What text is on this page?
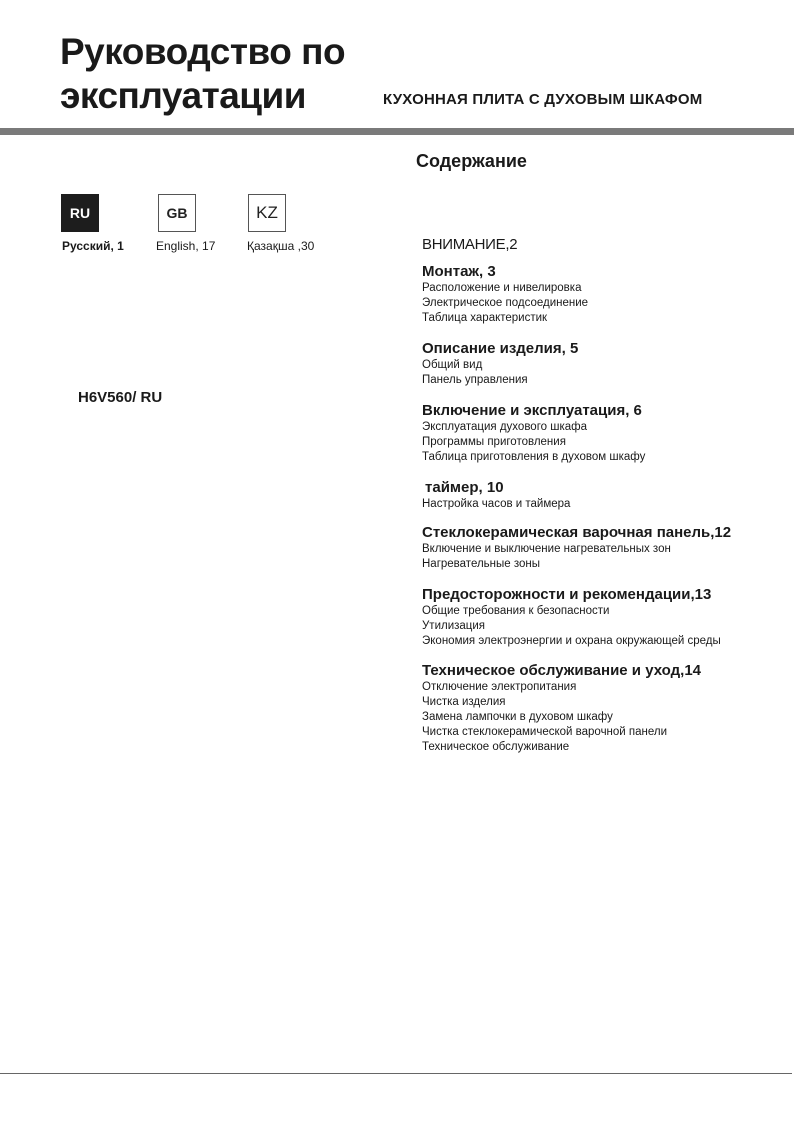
Руководство по
эксплуатации	КУХОННАЯ ПЛИТА С ДУХОВЫМ ШКАФОМ
RU	GB	KZ
Русский, 1	English, 17	Қазақша ,30
H6V560/ RU
Содержание
ВНИМАНИЕ,2
Монтаж, 3
Расположение и нивелировка
Электрическое подсоединение
Таблица характеристик
Описание изделия, 5
Общий вид
Панель управления
Включение и эксплуатация, 6
Эксплуатация духового шкафа
Программы приготовления
Таблица приготовления в духовом шкафу
таймер, 10
Настройка часов и таймера
Стеклокерамическая варочная панель,12
Включение и выключение нагревательных зон
Нагревательные зоны
Предосторожности и рекомендации,13
Общие требования к безопасности
Утилизация
Экономия электроэнергии и охрана окружающей среды
Техническое обслуживание и уход,14
Отключение электропитания
Чистка изделия
Замена лампочки в духовом шкафу
Чистка стеклокерамической варочной панели
Техническое обслуживание
